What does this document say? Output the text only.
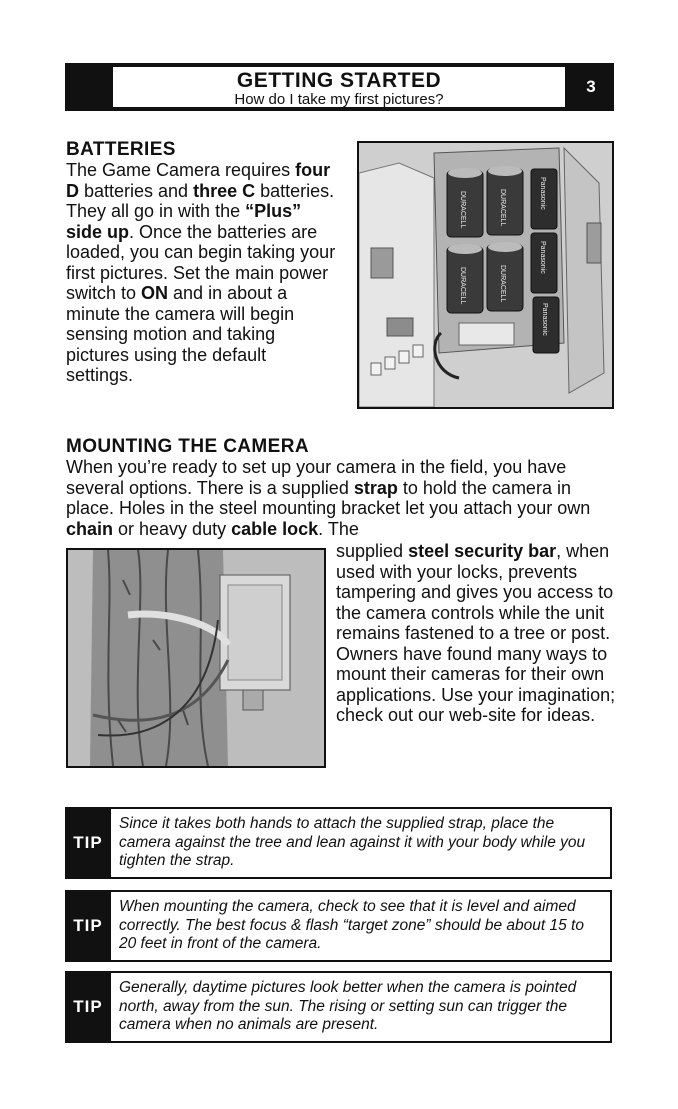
GETTING STARTED
How do I take my first pictures?
3
BATTERIES
The Game Camera requires four D batteries and three C batteries. They all go in with the “Plus” side up. Once the batteries are loaded, you can begin taking your first pictures. Set the main power switch to ON and in about a minute the camera will begin sensing motion and taking pictures using the default settings.
DURACELL	DURACELL
DURACELL	DURACELL
Panasonic
Panasonic
Panasonic
MOUNTING THE CAMERA
When you’re ready to set up your camera in the field, you have several options. There is a supplied strap to hold the camera in place. Holes in the steel mounting bracket let you attach your own chain or heavy duty cable lock. The
supplied steel security bar, when used with your locks, prevents tampering and gives you access to the camera controls while the unit remains fastened to a tree or post. Owners have found many ways to mount their cameras for their own applications. Use your imagination; check out our web-site for ideas.
TIP
Since it takes both hands to attach the supplied strap, place the camera against the tree and lean against it with your body while you tighten the strap.
TIP
When mounting the camera, check to see that it is level and aimed correctly. The best focus & flash “target zone” should be about 15 to 20 feet in front of the camera.
TIP
Generally, daytime pictures look better when the camera is pointed north, away from the sun. The rising or setting sun can trigger the camera when no animals are present.
